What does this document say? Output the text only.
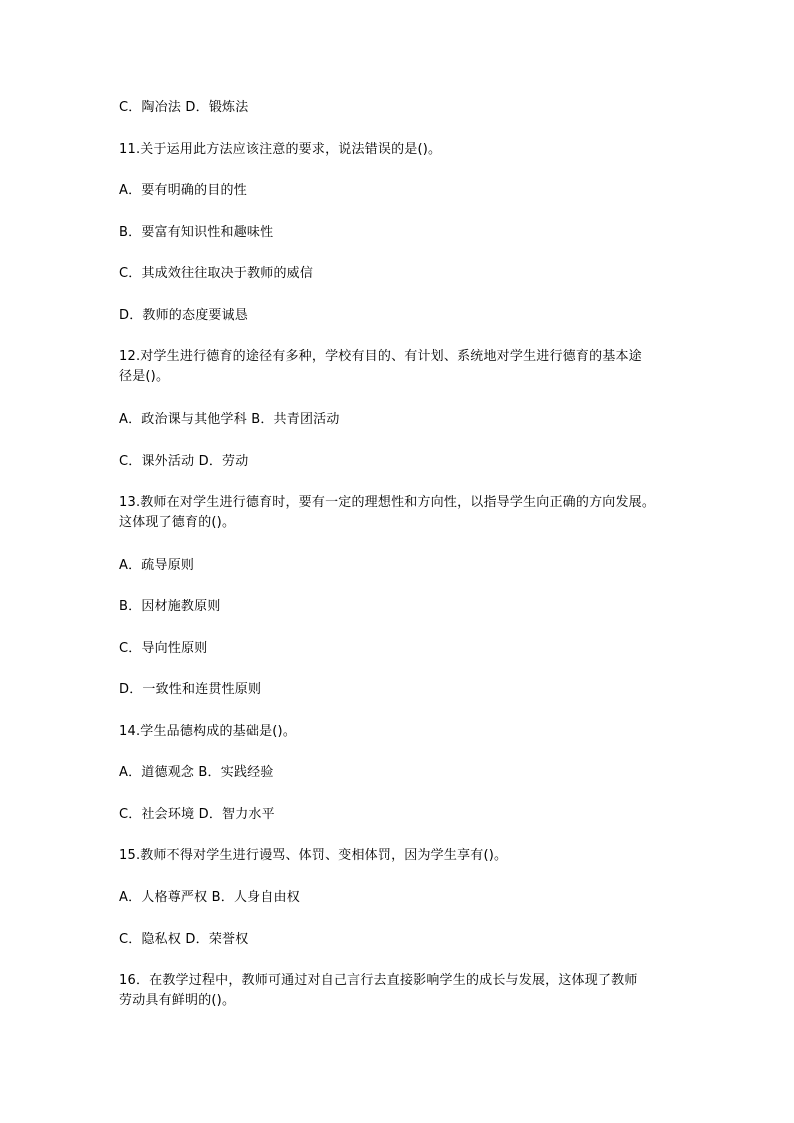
C．陶冶法 D．锻炼法
11.关于运用此方法应该注意的要求，说法错误的是()。
A．要有明确的目的性
B．要富有知识性和趣味性
C．其成效往往取决于教师的威信
D．教师的态度要诚恳
12.对学生进行德育的途径有多种，学校有目的、有计划、系统地对学生进行德育的基本途
径是()。
A．政治课与其他学科 B．共青团活动
C．课外活动 D．劳动
13.教师在对学生进行德育时，要有一定的理想性和方向性，以指导学生向正确的方向发展。
这体现了德育的()。
A．疏导原则
B．因材施教原则
C．导向性原则
D．一致性和连贯性原则
14.学生品德构成的基础是()。
A．道德观念 B．实践经验
C．社会环境 D．智力水平
15.教师不得对学生进行谩骂、体罚、变相体罚，因为学生享有()。
A．人格尊严权 B．人身自由权
C．隐私权 D．荣誉权
16．在教学过程中，教师可通过对自己言行去直接影响学生的成长与发展，这体现了教师
劳动具有鲜明的()。
